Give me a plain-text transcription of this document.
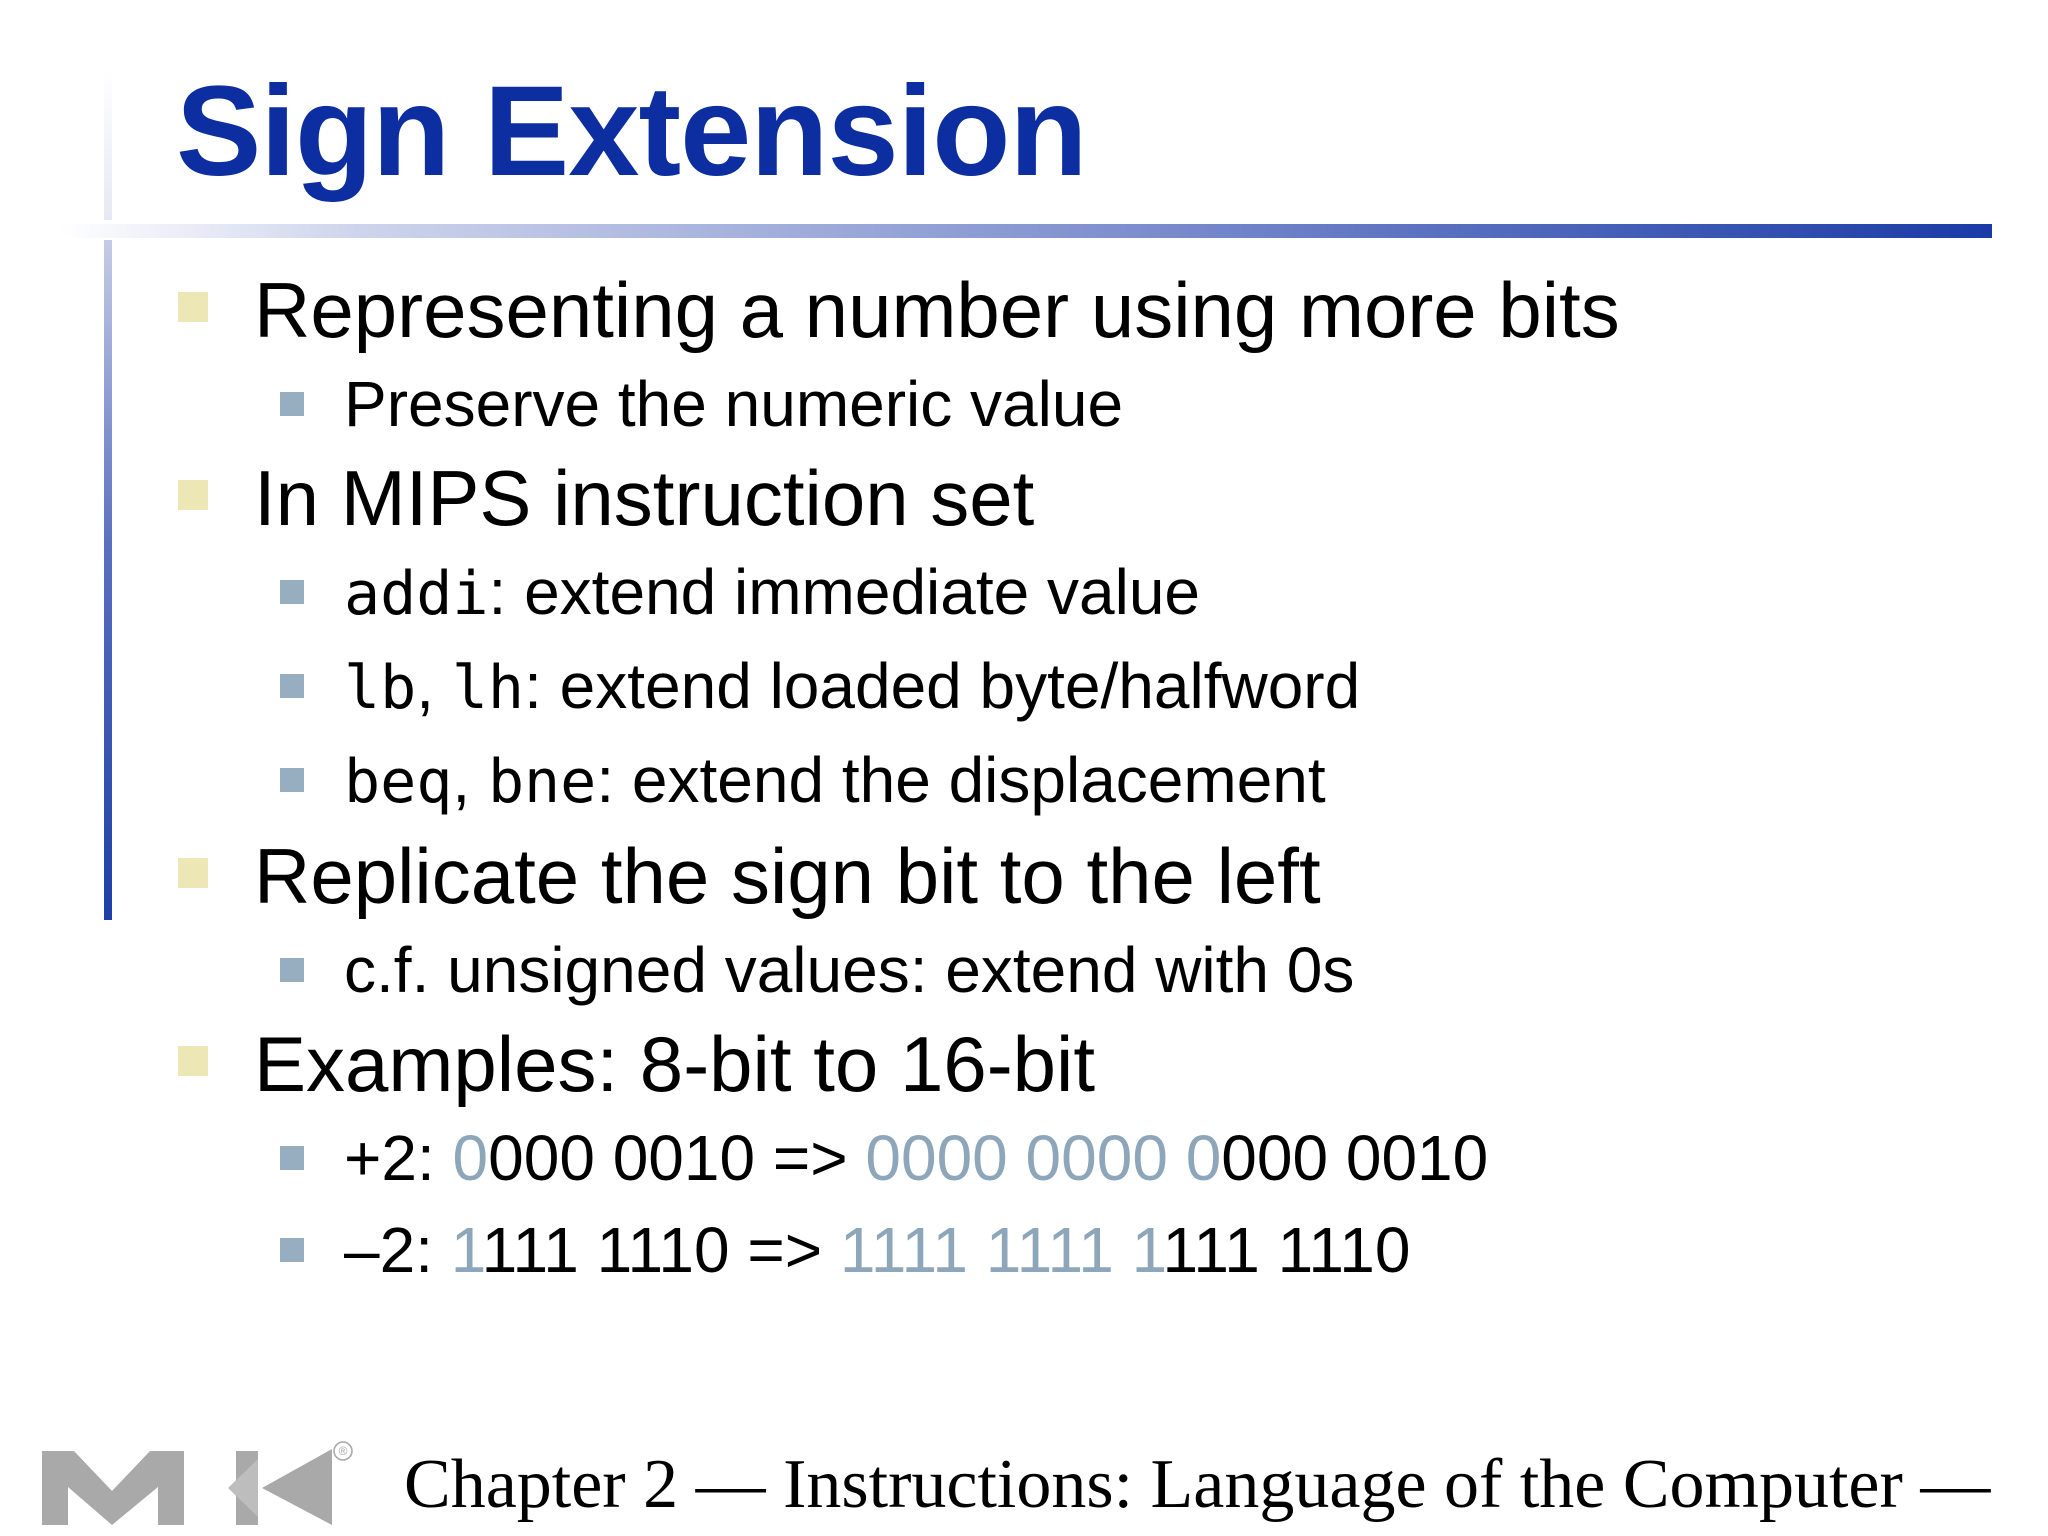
Sign Extension
Representing a number using more bits
Preserve the numeric value
In MIPS instruction set
addi: extend immediate value
lb, lh: extend loaded byte/halfword
beq, bne: extend the displacement
Replicate the sign bit to the left
c.f. unsigned values: extend with 0s
Examples: 8-bit to 16-bit
+2: 0000 0010 => 0000 0000 0000 0010
–2: 1111 1110 => 1111 1111 1111 1110
® Chapter 2 — Instructions: Language of the Computer —
